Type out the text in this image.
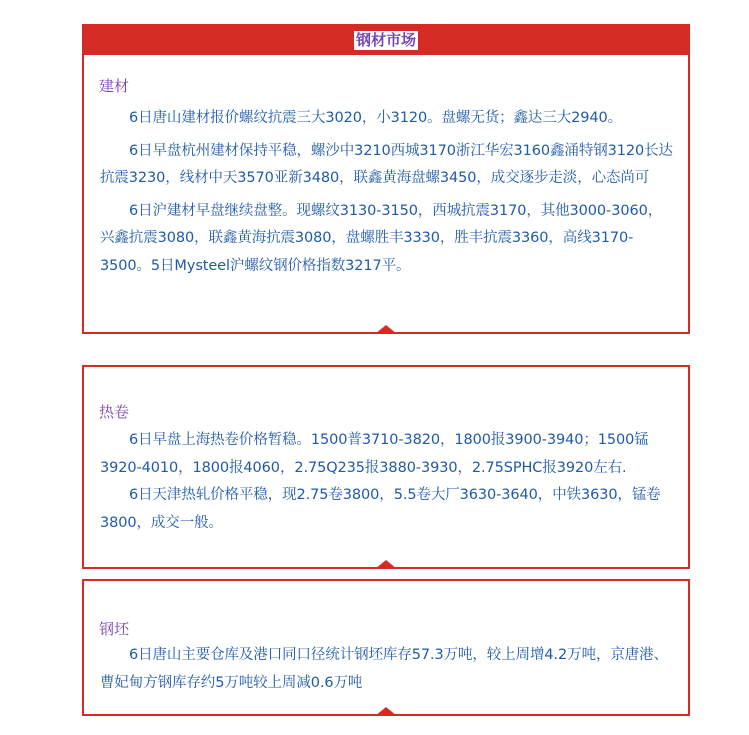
钢材市场
建材

6日唐山建材报价螺纹抗震三大3020，小3120。盘螺无货；鑫达三大2940。

6日早盘杭州建材保持平稳，螺沙中3210西城3170浙江华宏3160鑫涌特钢3120长达抗震3230，线材中天3570亚新3480，联鑫黄海盘螺3450，成交逐步走淡，心态尚可

6日沪建材早盘继续盘整。现螺纹3130-3150，西城抗震3170，其他3000-3060，兴鑫抗震3080，联鑫黄海抗震3080，盘螺胜丰3330，胜丰抗震3360，高线3170-3500。5日Mysteel沪螺纹钢价格指数3217平。

热卷

6日早盘上海热卷价格暂稳。1500普3710-3820，1800报3900-3940；1500锰3920-4010，1800报4060，2.75Q235报3880-3930，2.75SPHC报3920左右.

6日天津热轧价格平稳，现2.75卷3800，5.5卷大厂3630-3640，中铁3630，锰卷3800，成交一般。

钢坯

6日唐山主要仓库及港口同口径统计钢坯库存57.3万吨，较上周增4.2万吨，京唐港、曹妃甸方钢库存约5万吨较上周减0.6万吨
